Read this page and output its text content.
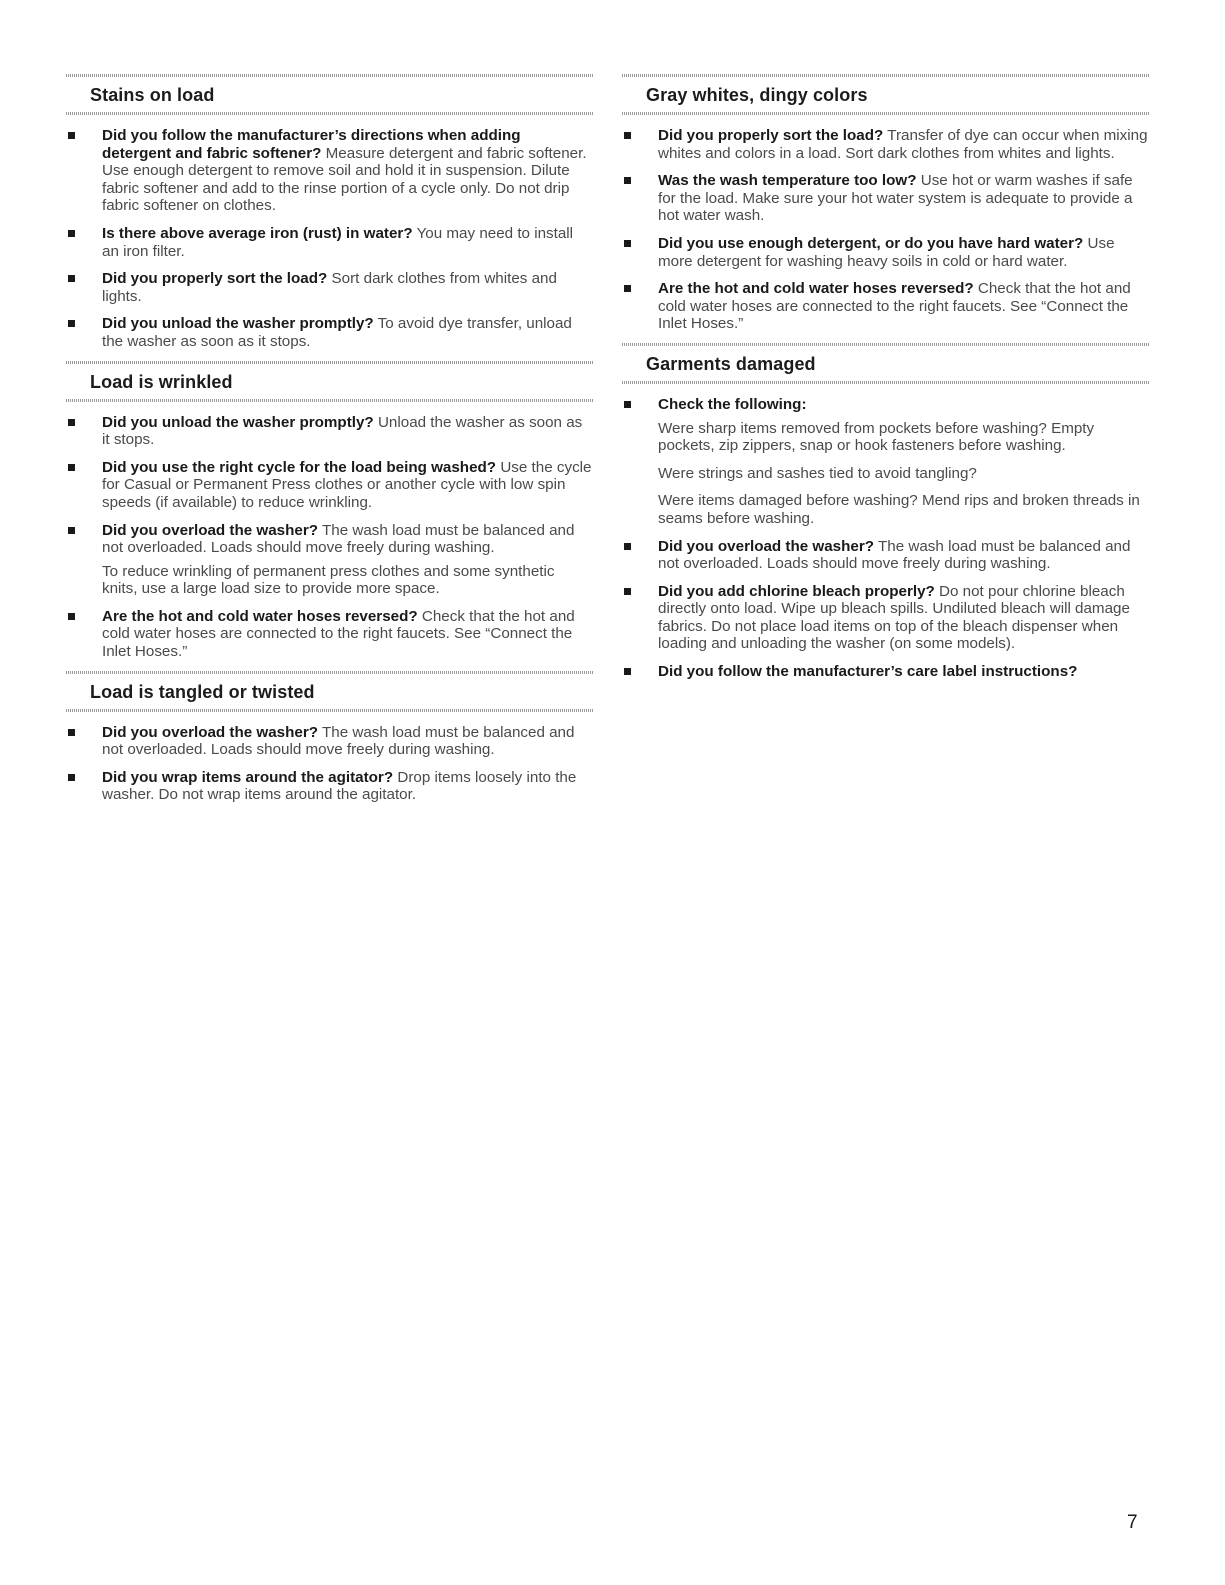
Stains on load
Did you follow the manufacturer’s directions when adding detergent and fabric softener? Measure detergent and fabric softener. Use enough detergent to remove soil and hold it in suspension. Dilute fabric softener and add to the rinse portion of a cycle only. Do not drip fabric softener on clothes.
Is there above average iron (rust) in water? You may need to install an iron filter.
Did you properly sort the load? Sort dark clothes from whites and lights.
Did you unload the washer promptly? To avoid dye transfer, unload the washer as soon as it stops.
Load is wrinkled
Did you unload the washer promptly? Unload the washer as soon as it stops.
Did you use the right cycle for the load being washed? Use the cycle for Casual or Permanent Press clothes or another cycle with low spin speeds (if available) to reduce wrinkling.
Did you overload the washer? The wash load must be balanced and not overloaded. Loads should move freely during washing.
To reduce wrinkling of permanent press clothes and some synthetic knits, use a large load size to provide more space.
Are the hot and cold water hoses reversed? Check that the hot and cold water hoses are connected to the right faucets. See “Connect the Inlet Hoses.”
Load is tangled or twisted
Did you overload the washer? The wash load must be balanced and not overloaded. Loads should move freely during washing.
Did you wrap items around the agitator? Drop items loosely into the washer. Do not wrap items around the agitator.
Gray whites, dingy colors
Did you properly sort the load? Transfer of dye can occur when mixing whites and colors in a load. Sort dark clothes from whites and lights.
Was the wash temperature too low? Use hot or warm washes if safe for the load. Make sure your hot water system is adequate to provide a hot water wash.
Did you use enough detergent, or do you have hard water? Use more detergent for washing heavy soils in cold or hard water.
Are the hot and cold water hoses reversed? Check that the hot and cold water hoses are connected to the right faucets. See “Connect the Inlet Hoses.”
Garments damaged
Check the following:
Were sharp items removed from pockets before washing? Empty pockets, zip zippers, snap or hook fasteners before washing.
Were strings and sashes tied to avoid tangling?
Were items damaged before washing? Mend rips and broken threads in seams before washing.
Did you overload the washer? The wash load must be balanced and not overloaded. Loads should move freely during washing.
Did you add chlorine bleach properly? Do not pour chlorine bleach directly onto load. Wipe up bleach spills. Undiluted bleach will damage fabrics. Do not place load items on top of the bleach dispenser when loading and unloading the washer (on some models).
Did you follow the manufacturer’s care label instructions?
7
